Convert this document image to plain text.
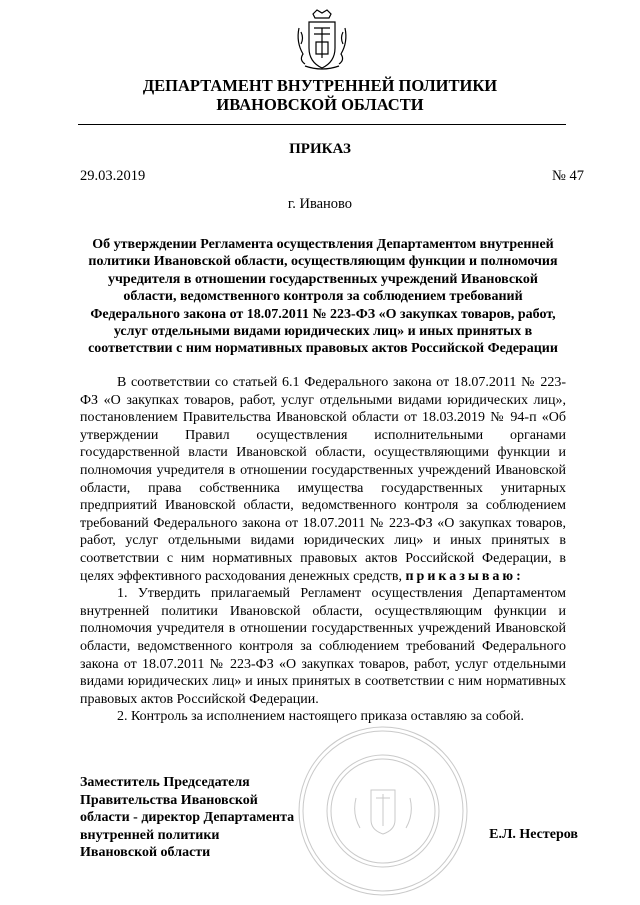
ДЕПАРТАМЕНТ ВНУТРЕННЕЙ ПОЛИТИКИ
ИВАНОВСКОЙ ОБЛАСТИ
ПРИКАЗ
29.03.2019	№ 47
г. Иваново
Об утверждении Регламента осуществления Департаментом внутренней политики Ивановской области, осуществляющим функции и полномочия учредителя в отношении государственных учреждений Ивановской области, ведомственного контроля за соблюдением требований Федерального закона от 18.07.2011 № 223-ФЗ «О закупках товаров, работ, услуг отдельными видами юридических лиц» и иных принятых в соответствии с ним нормативных правовых актов Российской Федерации

В соответствии со статьей 6.1 Федерального закона от 18.07.2011 № 223-ФЗ «О закупках товаров, работ, услуг отдельными видами юридических лиц», постановлением Правительства Ивановской области от 18.03.2019 № 94-п «Об утверждении Правил осуществления исполнительными органами государственной власти Ивановской области, осуществляющими функции и полномочия учредителя в отношении государственных учреждений Ивановской области, права собственника имущества государственных унитарных предприятий Ивановской области, ведомственного контроля за соблюдением требований Федерального закона от 18.07.2011 № 223-ФЗ «О закупках товаров, работ, услуг отдельными видами юридических лиц» и иных принятых в соответствии с ним нормативных правовых актов Российской Федерации, в целях эффективного расходования денежных средств, приказываю:

1. Утвердить прилагаемый Регламент осуществления Департаментом внутренней политики Ивановской области, осуществляющим функции и полномочия учредителя в отношении государственных учреждений Ивановской области, ведомственного контроля за соблюдением требований Федерального закона от 18.07.2011 № 223-ФЗ «О закупках товаров, работ, услуг отдельными видами юридических лиц» и иных принятых в соответствии с ним нормативных правовых актов Российской Федерации.

2. Контроль за исполнением настоящего приказа оставляю за собой.

Заместитель Председателя
Правительства Ивановской
области - директор Департамента
внутренней политики
Ивановской области
Е.Л. Нестеров
